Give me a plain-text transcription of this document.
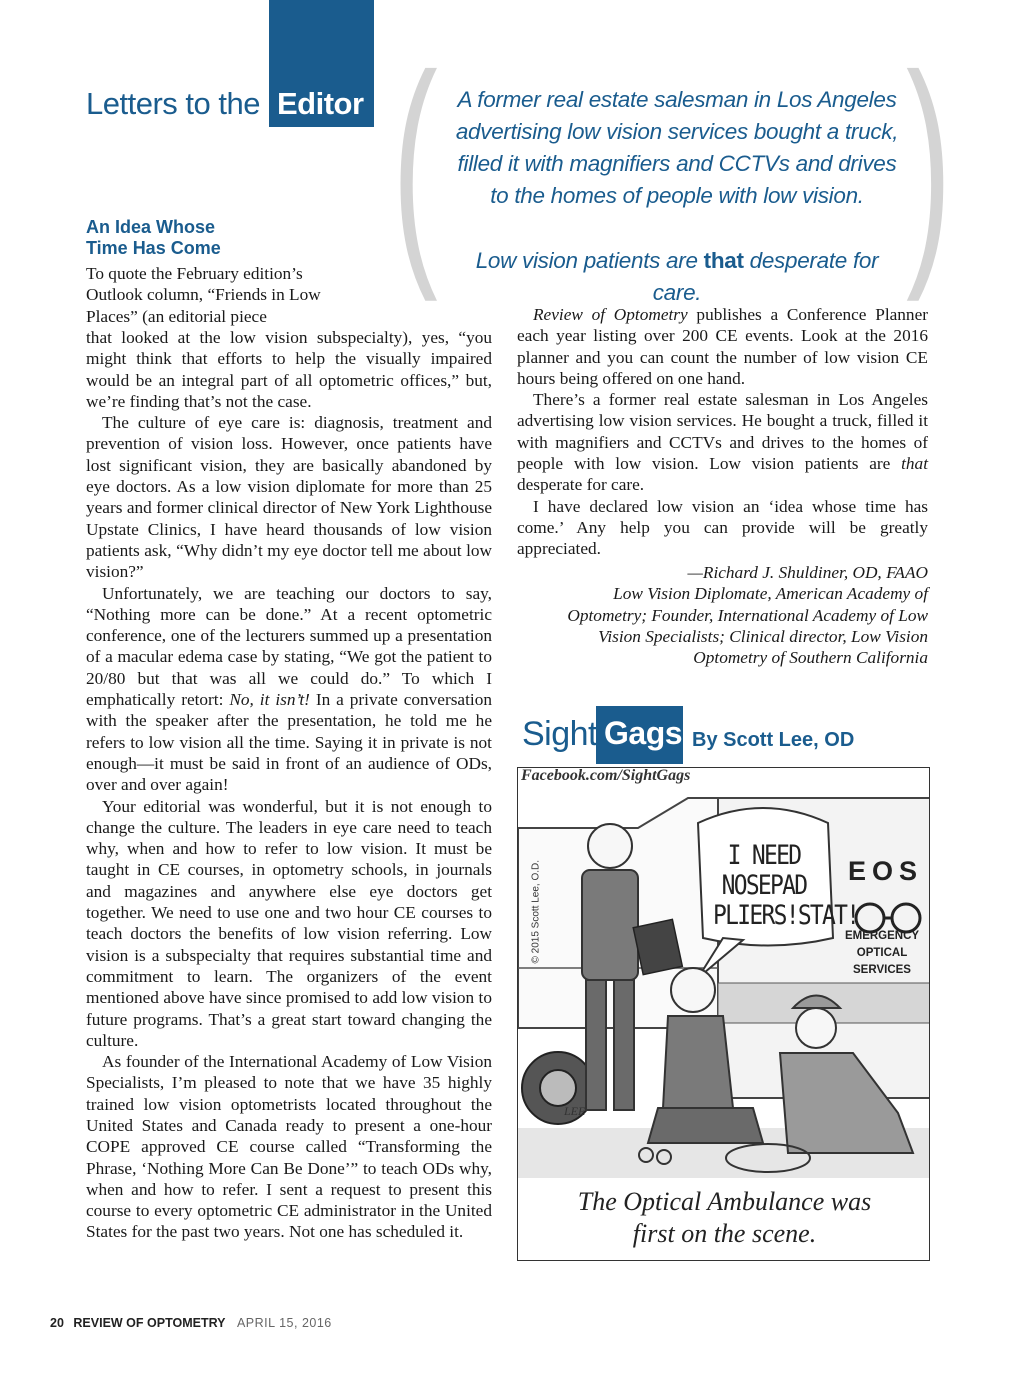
Letters to the Editor ( )

A former real estate salesman in Los Angeles advertising low vision services bought a truck, filled it with magnifiers and CCTVs and drives to the homes of people with low vision.

Low vision patients are that desperate for care.

An Idea Whose
Time Has Come

To quote the February edition’s Outlook column, “Friends in Low Places” (an editorial piece

that looked at the low vision subspecialty), yes, “you might think that efforts to help the visually impaired would be an integral part of all optometric offices,” but, we’re finding that’s not the case.

The culture of eye care is: diagnosis, treatment and prevention of vision loss. However, once patients have lost significant vision, they are basically abandoned by eye doctors. As a low vision diplomate for more than 25 years and former clinical director of New York Lighthouse Upstate Clinics, I have heard thousands of low vision patients ask, “Why didn’t my eye doctor tell me about low vision?”

Unfortunately, we are teaching our doctors to say, “Nothing more can be done.” At a recent optometric conference, one of the lecturers summed up a presentation of a macular edema case by stating, “We got the patient to 20/80 but that was all we could do.” To which I emphatically retort: No, it isn’t! In a private conversation with the speaker after the presentation, he told me he refers to low vision all the time. Saying it in private is not enough—it must be said in front of an audience of ODs, over and over again!

Your editorial was wonderful, but it is not enough to change the culture. The leaders in eye care need to teach why, when and how to refer to low vision. It must be taught in CE courses, in optometry schools, in journals and magazines and anywhere else eye doctors get together. We need to use one and two hour CE courses to teach doctors the benefits of low vision referring. Low vision is a subspecialty that requires substantial time and commitment to learn. The organizers of the event mentioned above have since promised to add low vision to future programs. That’s a great start toward changing the culture.

As founder of the International Academy of Low Vision Specialists, I’m pleased to note that we have 35 highly trained low vision optometrists located throughout the United States and Canada ready to present a one-hour COPE approved CE course called “Transforming the Phrase, ‘Nothing More Can Be Done’” to teach ODs why, when and how to refer. I sent a request to present this course to every optometric CE administrator in the United States for the past two years. Not one has scheduled it.

Review of Optometry publishes a Conference Planner each year listing over 200 CE events. Look at the 2016 planner and you can count the number of low vision CE hours being offered on one hand.

There’s a former real estate salesman in Los Angeles advertising low vision services. He bought a truck, filled it with magnifiers and CCTVs and drives to the homes of people with low vision. Low vision patients are that desperate for care.

I have declared low vision an ‘idea whose time has come.’ Any help you can provide will be greatly appreciated.

—Richard J. Shuldiner, OD, FAAO
Low Vision Diplomate, American Academy of
Optometry; Founder, International Academy of Low
Vision Specialists; Clinical director, Low Vision
Optometry of Southern California
Sight Gags By Scott Lee, OD
Facebook.com/SightGags
© 2015 Scott Lee, O.D.
I NEED
NOSEPAD
PLIERS!STAT!
EOS
EMERGENCY
OPTICAL
SERVICES
LEE
The Optical Ambulance was
first on the scene.
20 REVIEW OF OPTOMETRY APRIL 15, 2016
